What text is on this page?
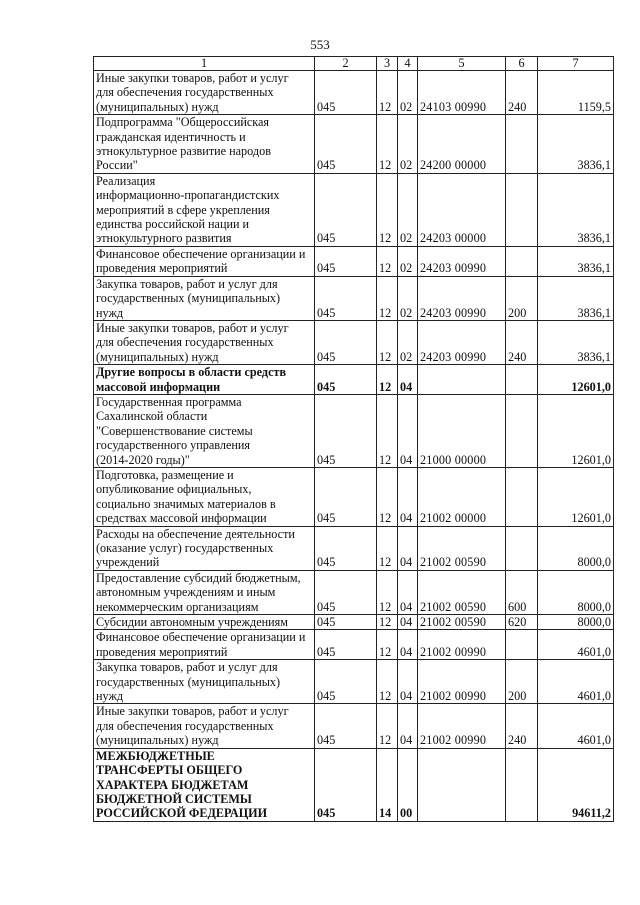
553
1	2	3	4	5	6	7
Иные закупки товаров, работ и услуг
для обеспечения государственных
(муниципальных) нужд	045	12	02	24103 00990	240	1159,5
Подпрограмма "Общероссийская
гражданская идентичность и
этнокультурное развитие народов
России"	045	12	02	24200 00000		3836,1
Реализация
информационно-пропагандистских
мероприятий в сфере укрепления
единства российской нации и
этнокультурного развития	045	12	02	24203 00000		3836,1
Финансовое обеспечение организации и
проведения мероприятий	045	12	02	24203 00990		3836,1
Закупка товаров, работ и услуг для
государственных (муниципальных)
нужд	045	12	02	24203 00990	200	3836,1
Иные закупки товаров, работ и услуг
для обеспечения государственных
(муниципальных) нужд	045	12	02	24203 00990	240	3836,1
Другие вопросы в области средств
массовой информации	045	12	04			12601,0
Государственная программа
Сахалинской области
"Совершенствование системы
государственного управления
(2014-2020 годы)"	045	12	04	21000 00000		12601,0
Подготовка, размещение и
опубликование официальных,
социально значимых материалов в
средствах массовой информации	045	12	04	21002 00000		12601,0
Расходы на обеспечение деятельности
(оказание услуг) государственных
учреждений	045	12	04	21002 00590		8000,0
Предоставление субсидий бюджетным,
автономным учреждениям и иным
некоммерческим организациям	045	12	04	21002 00590	600	8000,0
Субсидии автономным учреждениям	045	12	04	21002 00590	620	8000,0
Финансовое обеспечение организации и
проведения мероприятий	045	12	04	21002 00990		4601,0
Закупка товаров, работ и услуг для
государственных (муниципальных)
нужд	045	12	04	21002 00990	200	4601,0
Иные закупки товаров, работ и услуг
для обеспечения государственных
(муниципальных) нужд	045	12	04	21002 00990	240	4601,0
МЕЖБЮДЖЕТНЫЕ
ТРАНСФЕРТЫ ОБЩЕГО
ХАРАКТЕРА БЮДЖЕТАМ
БЮДЖЕТНОЙ СИСТЕМЫ
РОССИЙСКОЙ ФЕДЕРАЦИИ	045	14	00			94611,2
